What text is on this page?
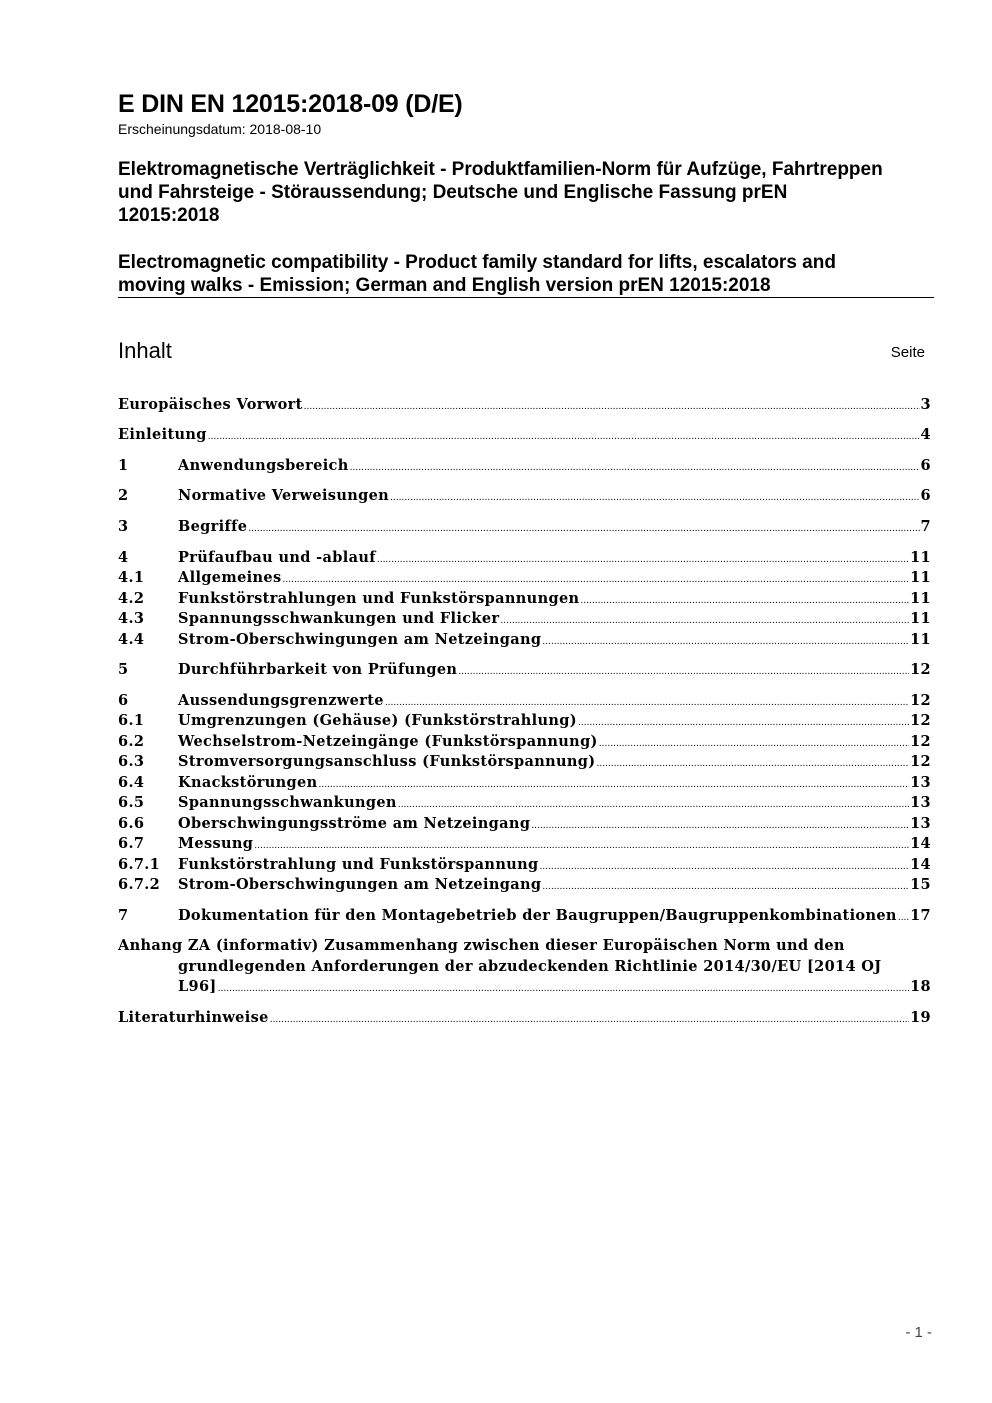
E DIN EN 12015:2018-09 (D/E)
Erscheinungsdatum: 2018-08-10
Elektromagnetische Verträglichkeit - Produktfamilien-Norm für Aufzüge, Fahrtreppen
und Fahrsteige - Störaussendung; Deutsche und Englische Fassung prEN
12015:2018
Electromagnetic compatibility - Product family standard for lifts, escalators and
moving walks - Emission; German and English version prEN 12015:2018
Inhalt	Seite
Europäisches Vorwort .....	3
Einleitung .....	4
1	Anwendungsbereich .....	6
2	Normative Verweisungen .....	6
3	Begriffe .....	7
4	Prüfaufbau und -ablauf .....	11
4.1 Allgemeines .....	11
4.2 Funkstörstrahlungen und Funkstörspannungen .....	11
4.3 Spannungsschwankungen und Flicker .....	11
4.4 Strom-Oberschwingungen am Netzeingang .....	11
5	Durchführbarkeit von Prüfungen .....	12
6	Aussendungsgrenzwerte .....	12
6.1 Umgrenzungen (Gehäuse) (Funkstörstrahlung) .....	12
6.2 Wechselstrom-Netzeingänge (Funkstörspannung) .....	12
6.3 Stromversorgungsanschluss (Funkstörspannung) .....	12
6.4 Knackstörungen .....	13
6.5 Spannungsschwankungen .....	13
6.6 Oberschwingungsströme am Netzeingang .....	13
6.7 Messung .....	14
6.7.1 Funkstörstrahlung und Funkstörspannung .....	14
6.7.2 Strom-Oberschwingungen am Netzeingang .....	15
7	Dokumentation für den Montagebetrieb der Baugruppen/Baugruppenkombinationen ..... 17
Anhang ZA (informativ) Zusammenhang zwischen dieser Europäischen Norm und den
grundlegenden Anforderungen der abzudeckenden Richtlinie 2014/30/EU [2014 OJ
L96] .....	18
Literaturhinweise .....	19
- 1 -
